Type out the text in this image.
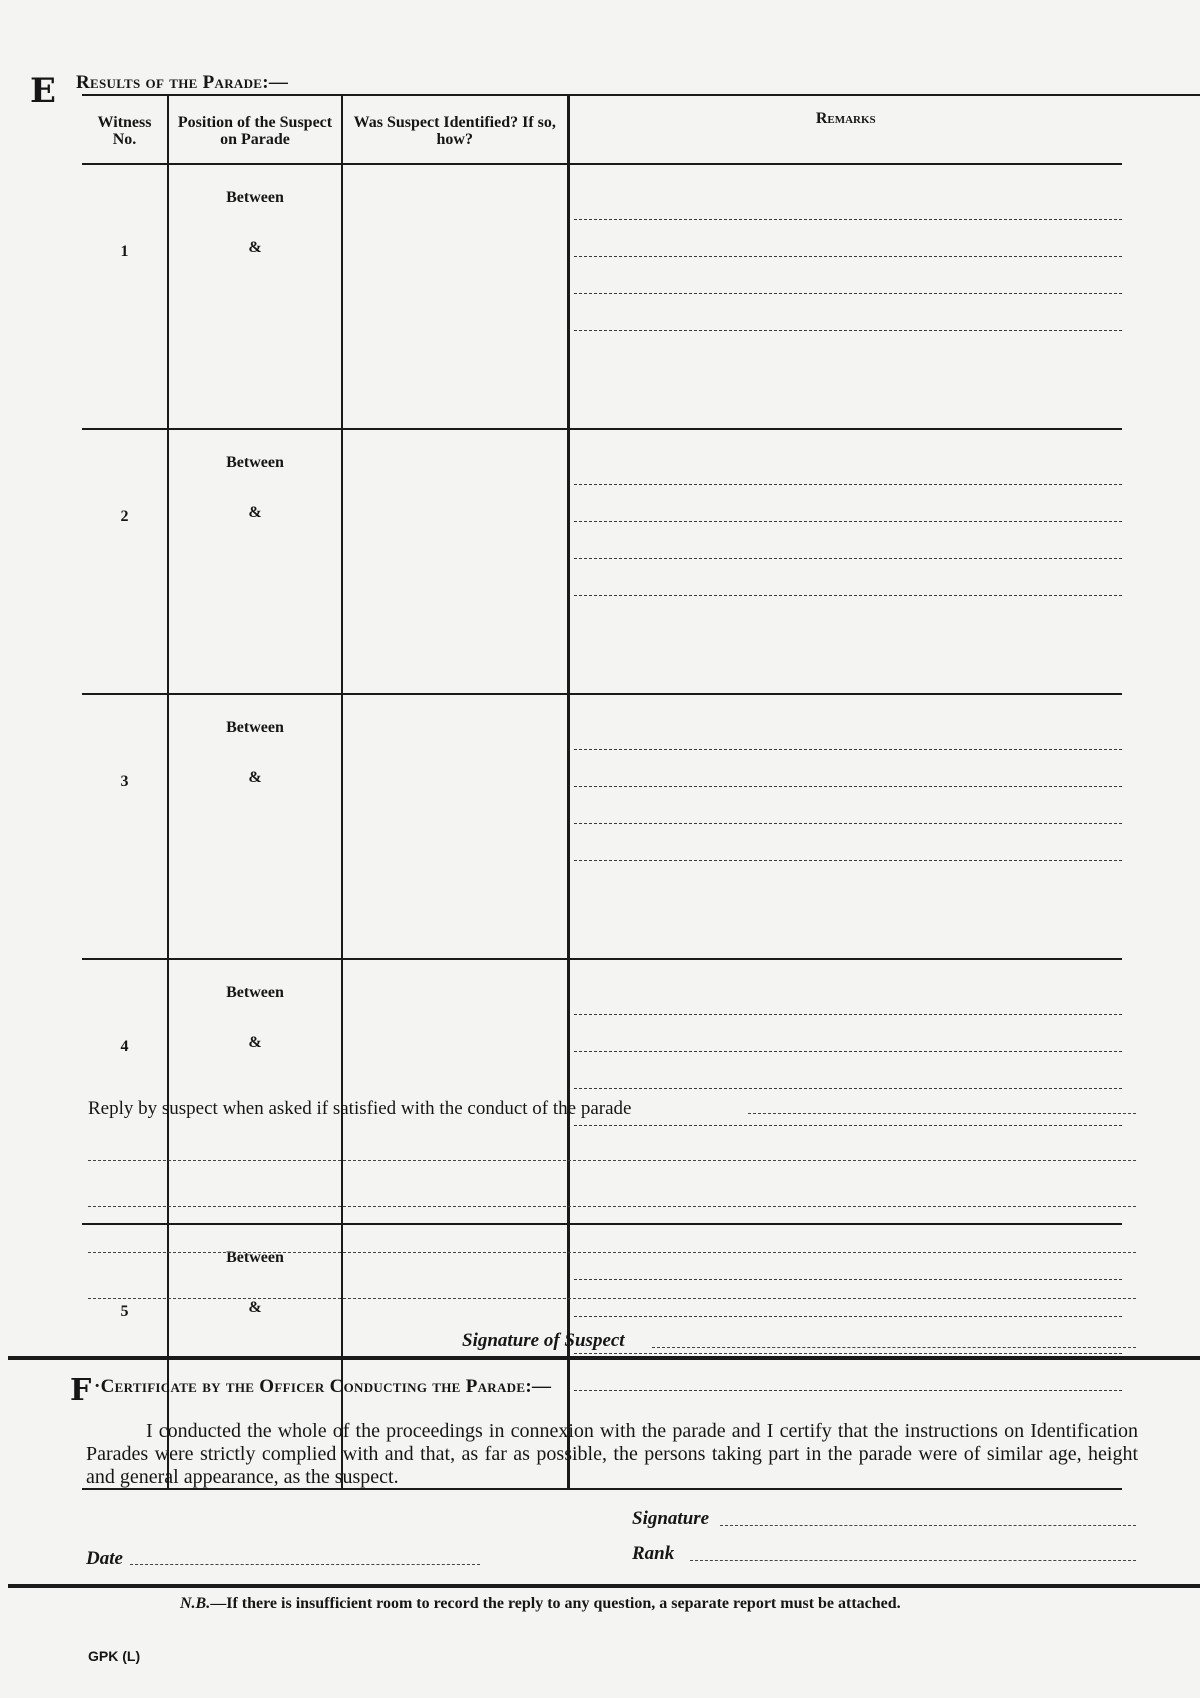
E Results of the Parade:—
Witness No.	Position of the Suspect on Parade	Was Suspect Identified? If so, how?	Remarks
1	Between
&		

2	Between
&		

3	Between
&		

4	Between
&		

5	Between
&		

Reply by suspect when asked if satisfied with the conduct of the parade
Signature of Suspect
F ·Certificate by the Officer Conducting the Parade:—
I conducted the whole of the proceedings in connexion with the parade and I certify that the instructions on Identification Parades were strictly complied with and that, as far as possible, the persons taking part in the parade were of similar age, height and general appearance, as the suspect.
Signature
Rank
Date
N.B.—If there is insufficient room to record the reply to any question, a separate report must be attached.
GPK (L)
